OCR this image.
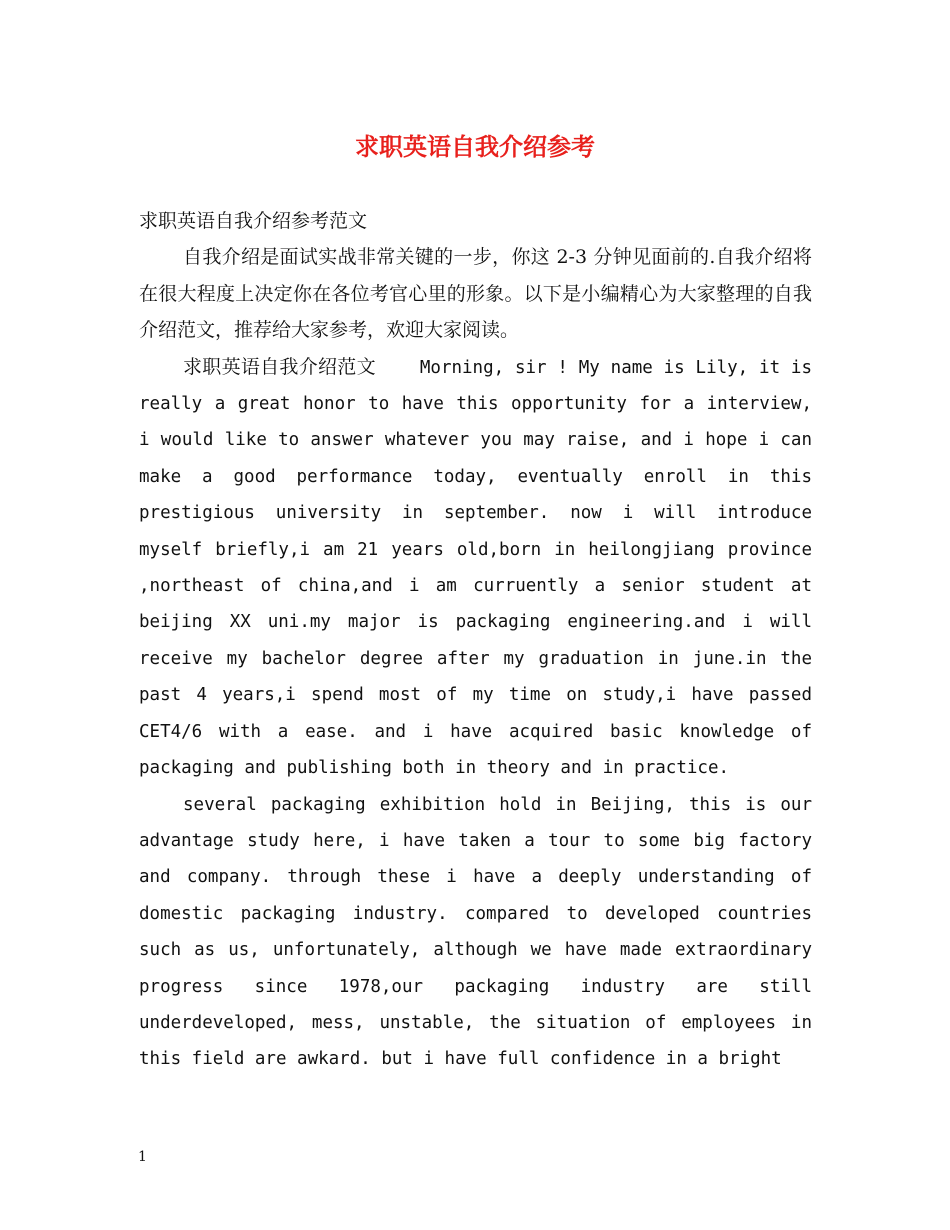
求职英语自我介绍参考

求职英语自我介绍参考范文

自我介绍是面试实战非常关键的一步，你这 2-3 分钟见面前的.自我介绍将在很大程度上决定你在各位考官心里的形象。以下是小编精心为大家整理的自我介绍范文，推荐给大家参考，欢迎大家阅读。

求职英语自我介绍范文	Morning, sir ! My name is Lily, it is really a great honor to have this opportunity for a interview, i would like to answer whatever you may raise, and i hope i can make a good performance today, eventually enroll in this prestigious university in september. now i will introduce myself briefly,i am 21 years old,born in heilongjiang province ,northeast of china,and i am curruently a senior student at beijing XX uni.my major is packaging engineering.and i will receive my bachelor degree after my graduation in june.in the past 4 years,i spend most of my time on study,i have passed CET4/6 with a ease. and i have acquired basic knowledge of packaging and publishing both in theory and in practice.

several packaging exhibition hold in Beijing, this is our advantage study here, i have taken a tour to some big factory and company. through these i have a deeply understanding of domestic packaging industry. compared to developed countries such as us, unfortunately, although we have made extraordinary progress since 1978,our packaging industry are still underdeveloped, mess, unstable, the situation of employees in this field are awkard. but i have full confidence in a bright

1
